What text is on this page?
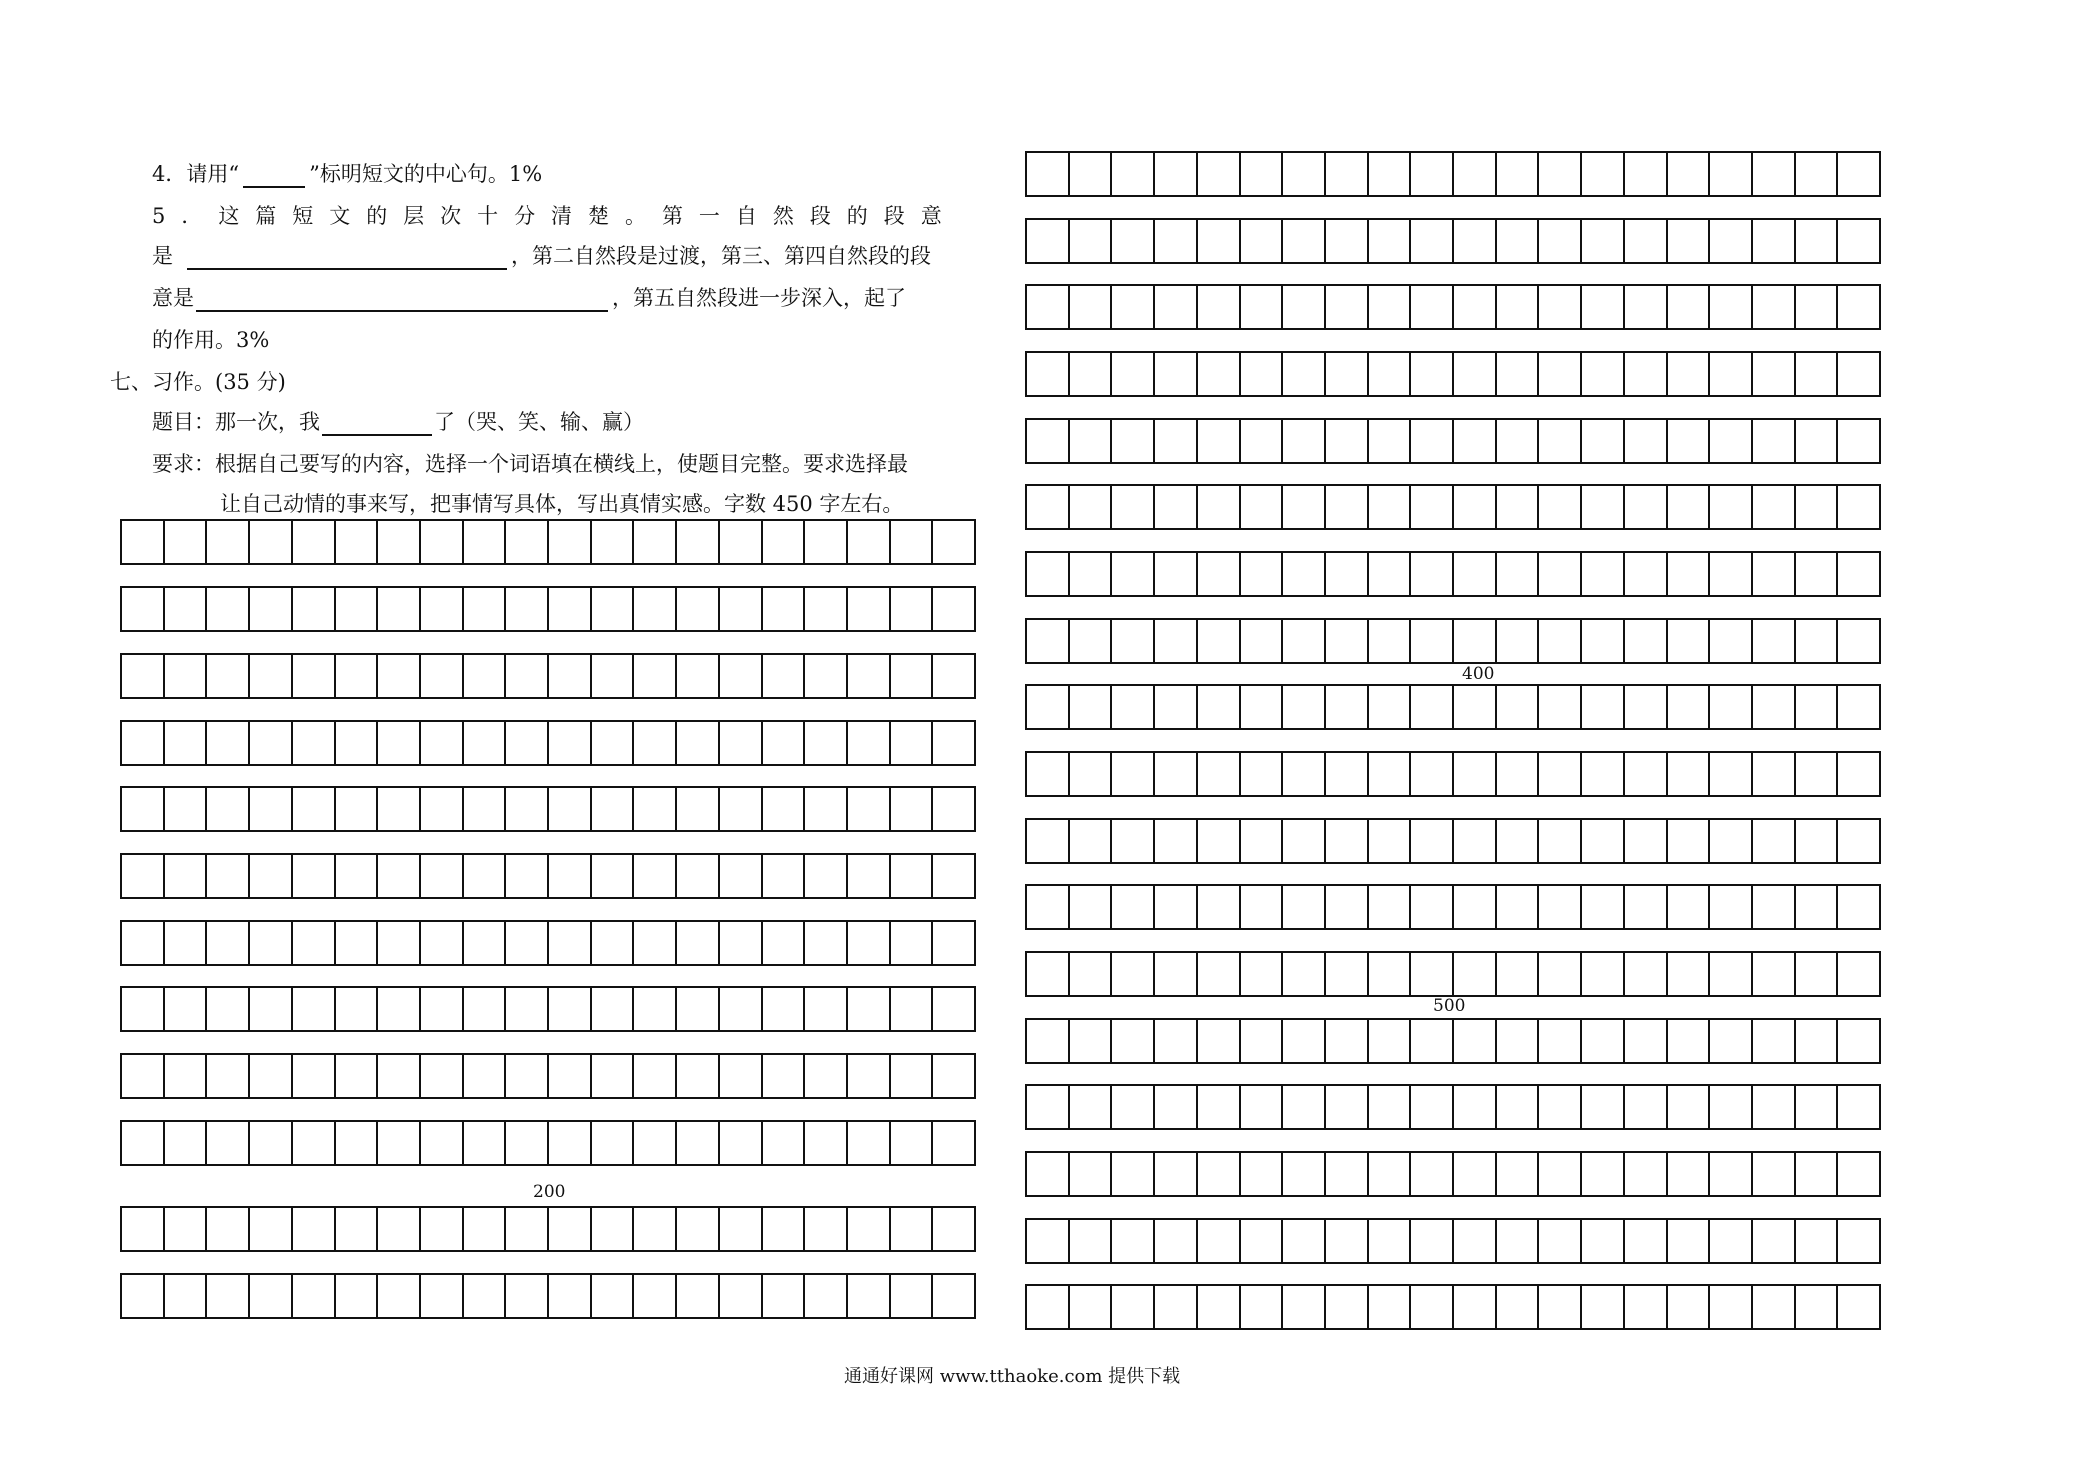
4．请用“	”标明短文的中心句。1%
5 ． 这 篇 短 文 的 层 次 十 分 清 楚 。 第 一 自 然 段 的 段 意
是	，第二自然段是过渡，第三、第四自然段的段
意是	，第五自然段进一步深入，起了
的作用。3%
七、习作。(35 分)
题目：那一次，我	了（哭、笑、输、赢）
要求：根据自己要写的内容，选择一个词语填在横线上，使题目完整。要求选择最
让自己动情的事来写，把事情写具体，写出真情实感。字数 450 字左右。
200
400
500
通通好课网 www.tthaoke.com 提供下载
